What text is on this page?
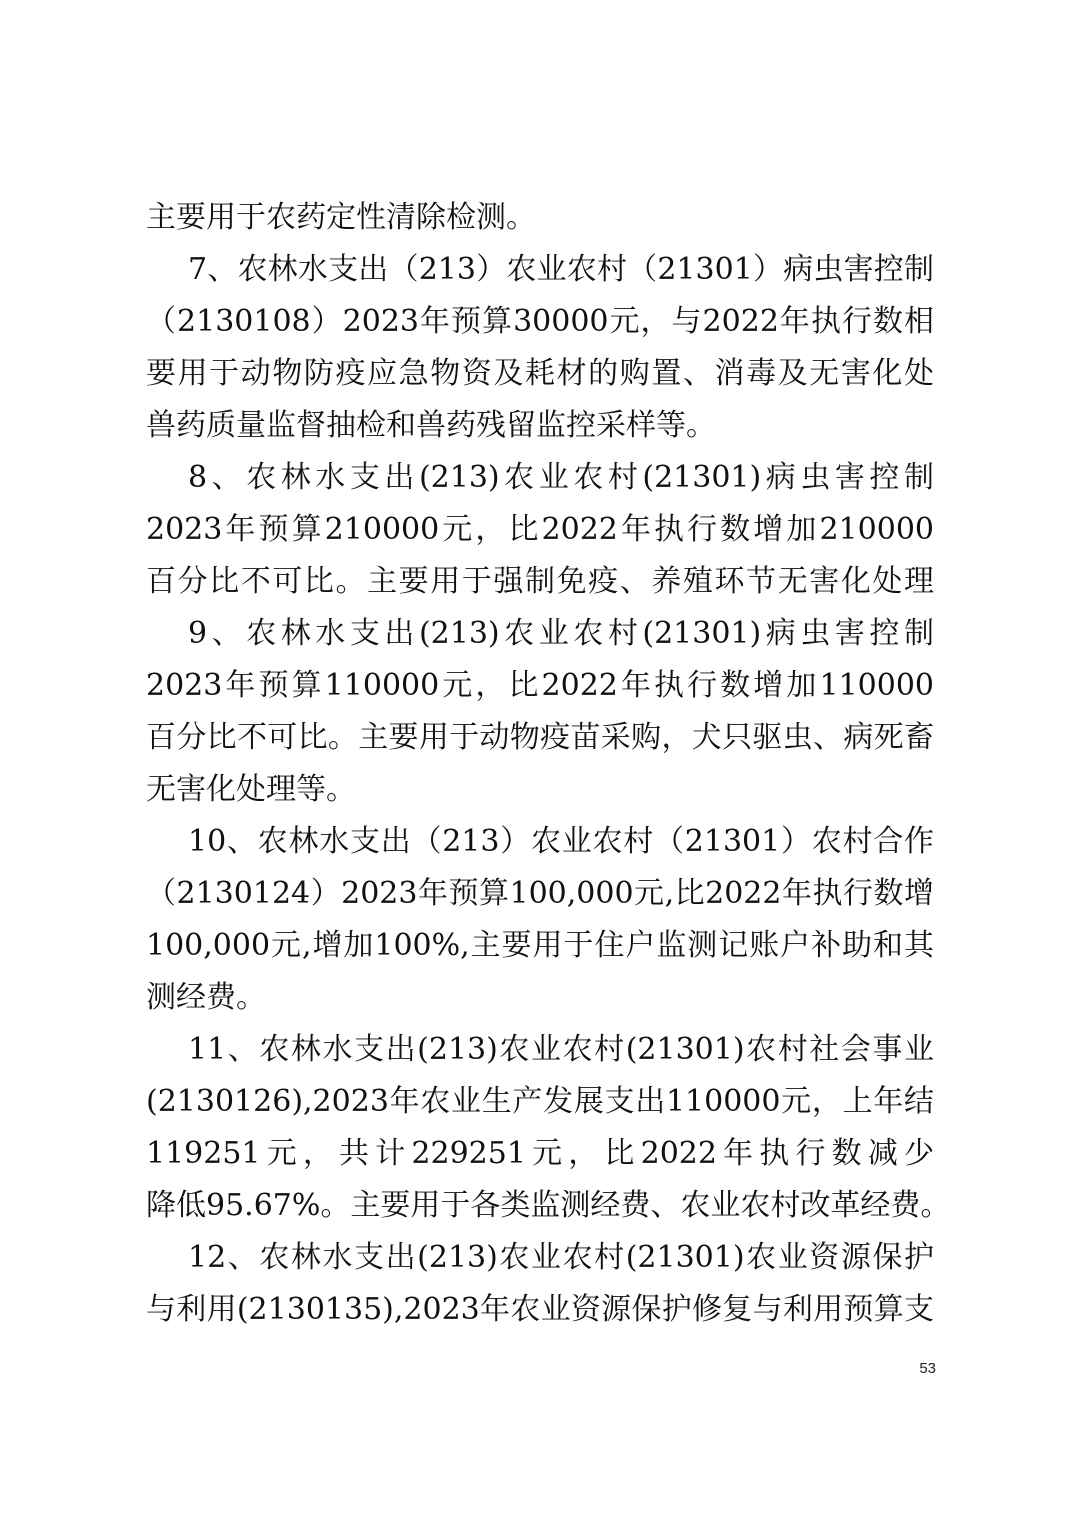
主要用于农药定性清除检测。
7、农林水支出（213）农业农村（21301）病虫害控制
（2130108）2023年预算30000元，与2022年执行数相
要用于动物防疫应急物资及耗材的购置、消毒及无害化处
兽药质量监督抽检和兽药残留监控采样等。
8、农林水支出(213)农业农村(21301)病虫害控制
2023年预算210000元，比2022年执行数增加210000
百分比不可比。主要用于强制免疫、养殖环节无害化处理
9、农林水支出(213)农业农村(21301)病虫害控制
2023年预算110000元，比2022年执行数增加110000
百分比不可比。主要用于动物疫苗采购，犬只驱虫、病死畜
无害化处理等。
10、农林水支出（213）农业农村（21301）农村合作
（2130124）2023年预算100,000元,比2022年执行数增
100,000元,增加100%,主要用于住户监测记账户补助和其
测经费。
11、农林水支出(213)农业农村(21301)农村社会事业
(2130126),2023年农业生产发展支出110000元，上年结
119251元，共计229251元，比2022年执行数减少
降低95.67%。主要用于各类监测经费、农业农村改革经费。
12、农林水支出(213)农业农村(21301)农业资源保护
与利用(2130135),2023年农业资源保护修复与利用预算支
53
